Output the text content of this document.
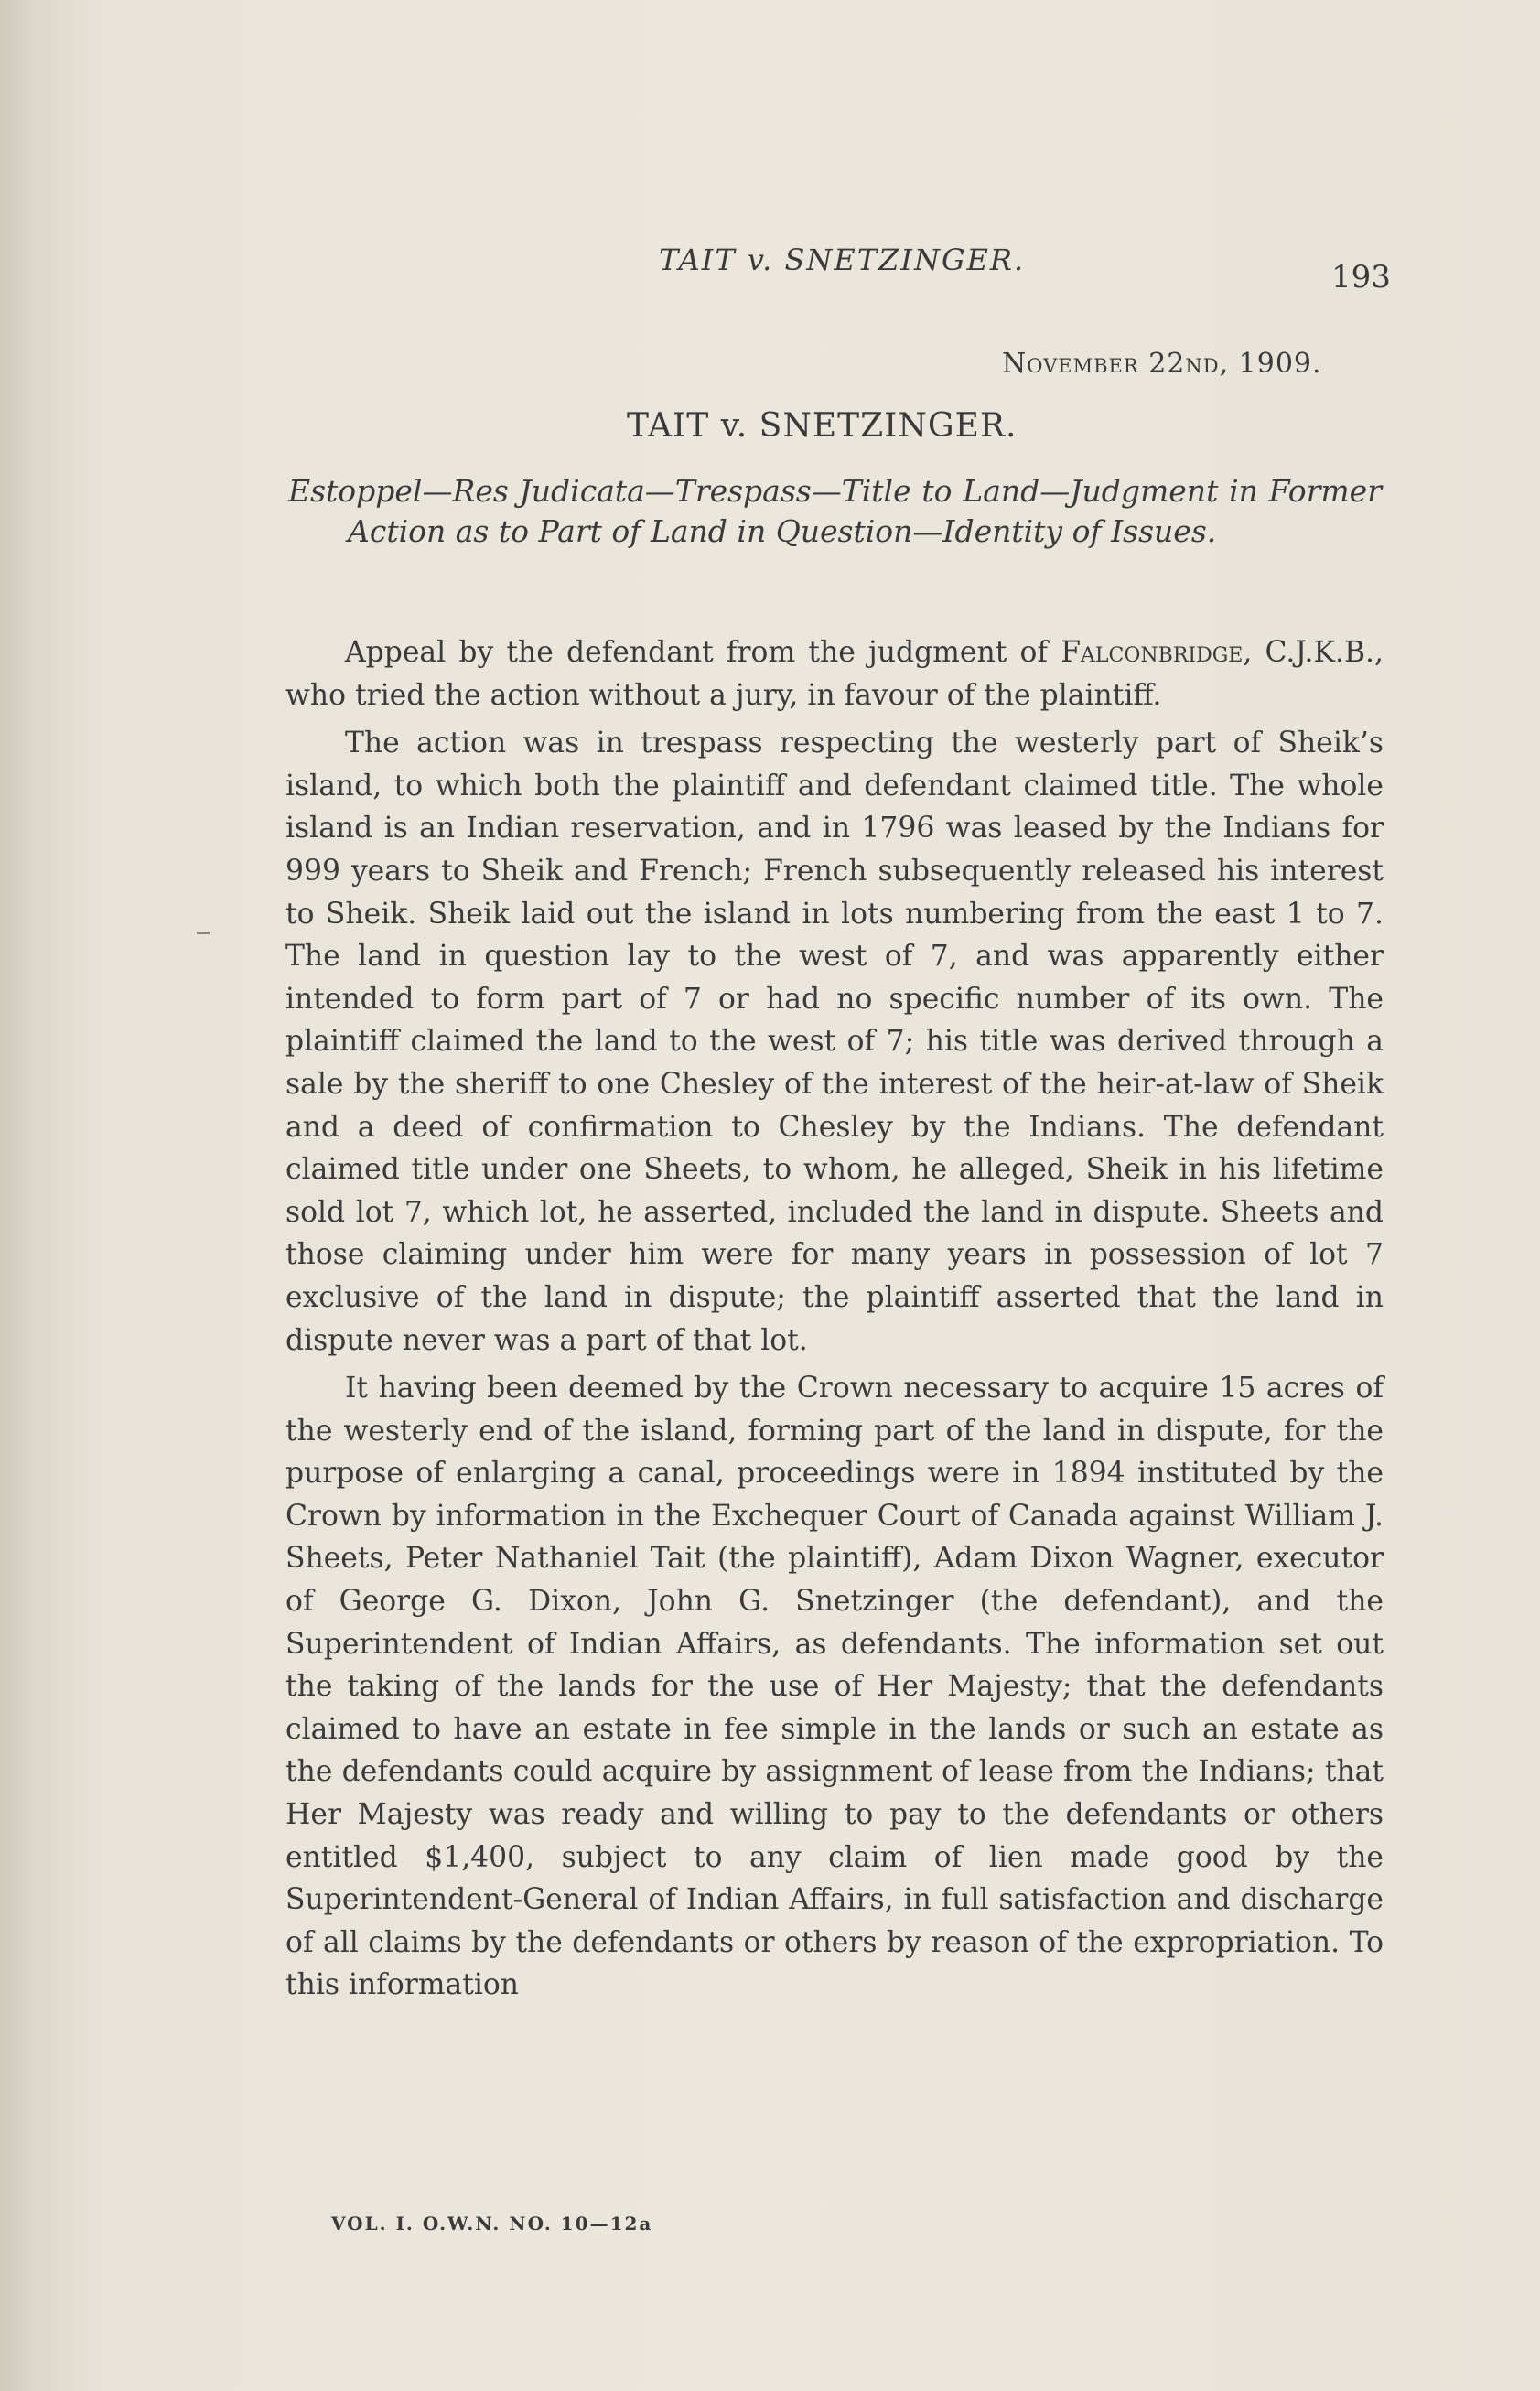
TAIT v. SNETZINGER.	193
November 22nd, 1909.
TAIT v. SNETZINGER.
Estoppel—Res Judicata—Trespass—Title to Land—Judgment in Former Action as to Part of Land in Question—Identity of Issues.

Appeal by the defendant from the judgment of Falconbridge, C.J.K.B., who tried the action without a jury, in favour of the plaintiff.

The action was in trespass respecting the westerly part of Sheik’s island, to which both the plaintiff and defendant claimed title. The whole island is an Indian reservation, and in 1796 was leased by the Indians for 999 years to Sheik and French; French subsequently released his interest to Sheik. Sheik laid out the island in lots numbering from the east 1 to 7. The land in question lay to the west of 7, and was apparently either intended to form part of 7 or had no specific number of its own. The plaintiff claimed the land to the west of 7; his title was derived through a sale by the sheriff to one Chesley of the interest of the heir-at-law of Sheik and a deed of confirmation to Chesley by the Indians. The defendant claimed title under one Sheets, to whom, he alleged, Sheik in his lifetime sold lot 7, which lot, he asserted, included the land in dispute. Sheets and those claiming under him were for many years in possession of lot 7 exclusive of the land in dispute; the plaintiff asserted that the land in dispute never was a part of that lot.

It having been deemed by the Crown necessary to acquire 15 acres of the westerly end of the island, forming part of the land in dispute, for the purpose of enlarging a canal, proceedings were in 1894 instituted by the Crown by information in the Exchequer Court of Canada against William J. Sheets, Peter Nathaniel Tait (the plaintiff), Adam Dixon Wagner, executor of George G. Dixon, John G. Snetzinger (the defendant), and the Superintendent of Indian Affairs, as defendants. The information set out the taking of the lands for the use of Her Majesty; that the defendants claimed to have an estate in fee simple in the lands or such an estate as the defendants could acquire by assignment of lease from the Indians; that Her Majesty was ready and willing to pay to the defendants or others entitled $1,400, subject to any claim of lien made good by the Superintendent-General of Indian Affairs, in full satisfaction and discharge of all claims by the defendants or others by reason of the expropriation. To this information

VOL. I. O.W.N. NO. 10—12a
